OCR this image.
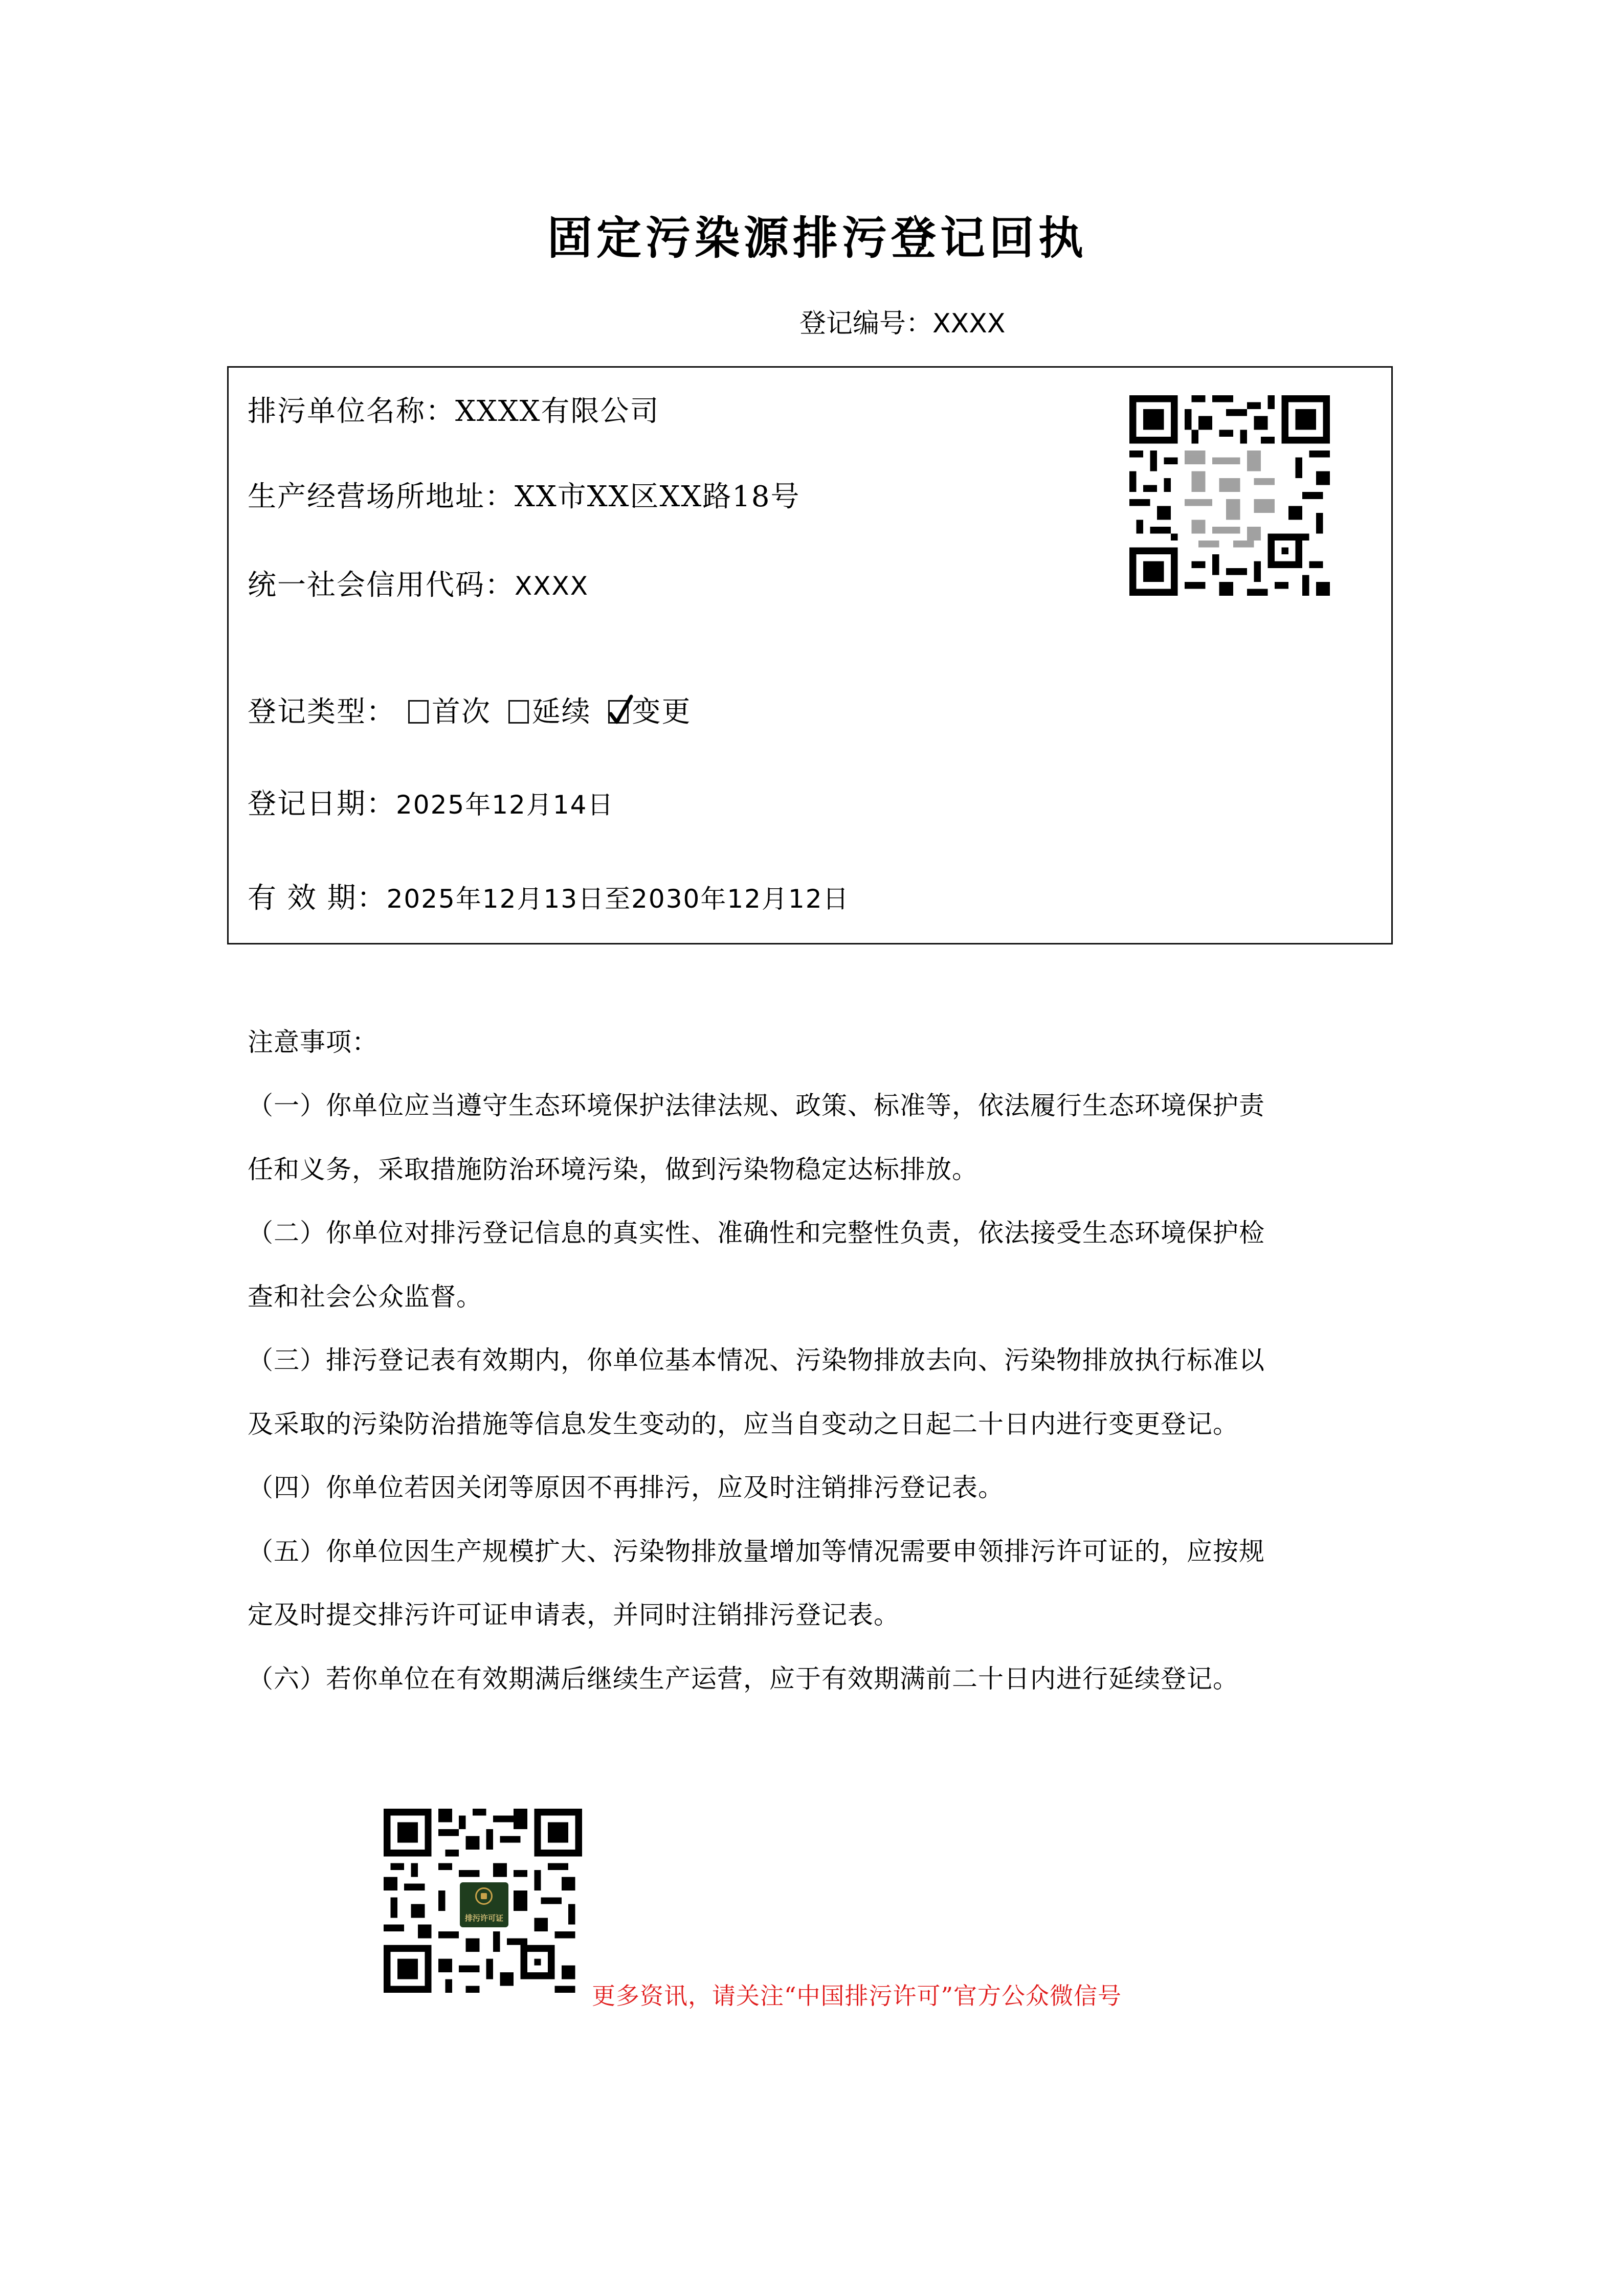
固定污染源排污登记回执
登记编号：XXXX
排污单位名称：XXXX有限公司
生产经营场所地址：XX市XX区XX路18号
统一社会信用代码：XXXX
登记类型： 首次 延续 变更
登记日期：2025年12月14日
有 效 期：2025年12月13日至2030年12月12日
注意事项：
（一）你单位应当遵守生态环境保护法律法规、政策、标准等，依法履行生态环境保护责
任和义务，采取措施防治环境污染，做到污染物稳定达标排放。
（二）你单位对排污登记信息的真实性、准确性和完整性负责，依法接受生态环境保护检
查和社会公众监督。
（三）排污登记表有效期内，你单位基本情况、污染物排放去向、污染物排放执行标准以
及采取的污染防治措施等信息发生变动的，应当自变动之日起二十日内进行变更登记。
（四）你单位若因关闭等原因不再排污，应及时注销排污登记表。
（五）你单位因生产规模扩大、污染物排放量增加等情况需要申领排污许可证的，应按规
定及时提交排污许可证申请表，并同时注销排污登记表。
（六）若你单位在有效期满后继续生产运营，应于有效期满前二十日内进行延续登记。
排污许可证
更多资讯，请关注“中国排污许可”官方公众微信号
